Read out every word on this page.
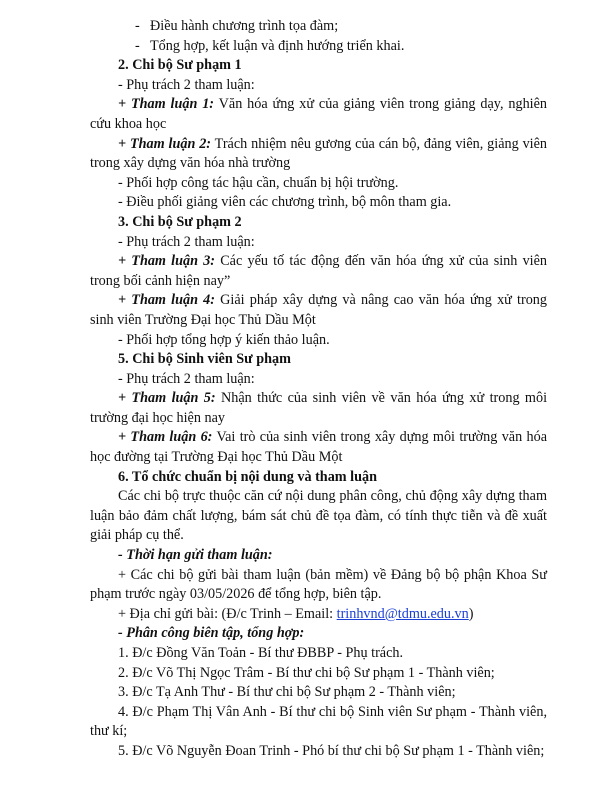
- Điều hành chương trình tọa đàm;

- Tổng hợp, kết luận và định hướng triển khai.

2. Chi bộ Sư phạm 1

- Phụ trách 2 tham luận:

+ Tham luận 1: Văn hóa ứng xử của giảng viên trong giảng dạy, nghiên cứu khoa học

+ Tham luận 2: Trách nhiệm nêu gương của cán bộ, đảng viên, giảng viên trong xây dựng văn hóa nhà trường

- Phối hợp công tác hậu cần, chuẩn bị hội trường.

- Điều phối giảng viên các chương trình, bộ môn tham gia.

3. Chi bộ Sư phạm 2

- Phụ trách 2 tham luận:

+ Tham luận 3: Các yếu tố tác động đến văn hóa ứng xử của sinh viên trong bối cảnh hiện nay”

+ Tham luận 4: Giải pháp xây dựng và nâng cao văn hóa ứng xử trong sinh viên Trường Đại học Thủ Dầu Một

- Phối hợp tổng hợp ý kiến thảo luận.

5. Chi bộ Sinh viên Sư phạm

- Phụ trách 2 tham luận:

+ Tham luận 5: Nhận thức của sinh viên về văn hóa ứng xử trong môi trường đại học hiện nay

+ Tham luận 6: Vai trò của sinh viên trong xây dựng môi trường văn hóa học đường tại Trường Đại học Thủ Dầu Một

6. Tổ chức chuẩn bị nội dung và tham luận

Các chi bộ trực thuộc căn cứ nội dung phân công, chủ động xây dựng tham luận bảo đảm chất lượng, bám sát chủ đề tọa đàm, có tính thực tiễn và đề xuất giải pháp cụ thể.

- Thời hạn gửi tham luận:

+ Các chi bộ gửi bài tham luận (bản mềm) về Đảng bộ bộ phận Khoa Sư phạm trước ngày 03/05/2026 để tổng hợp, biên tập.

+ Địa chỉ gửi bài: (Đ/c Trinh – Email: trinhvnd@tdmu.edu.vn)

- Phân công biên tập, tổng hợp:

1. Đ/c Đồng Văn Toản - Bí thư ĐBBP - Phụ trách.

2. Đ/c Võ Thị Ngọc Trâm - Bí thư chi bộ Sư phạm 1 - Thành viên;

3. Đ/c Tạ Anh Thư - Bí thư chi bộ Sư phạm 2 - Thành viên;

4. Đ/c Phạm Thị Vân Anh - Bí thư chi bộ Sinh viên Sư phạm - Thành viên, thư kí;

5. Đ/c Võ Nguyễn Đoan Trinh - Phó bí thư chi bộ Sư phạm 1 - Thành viên;
